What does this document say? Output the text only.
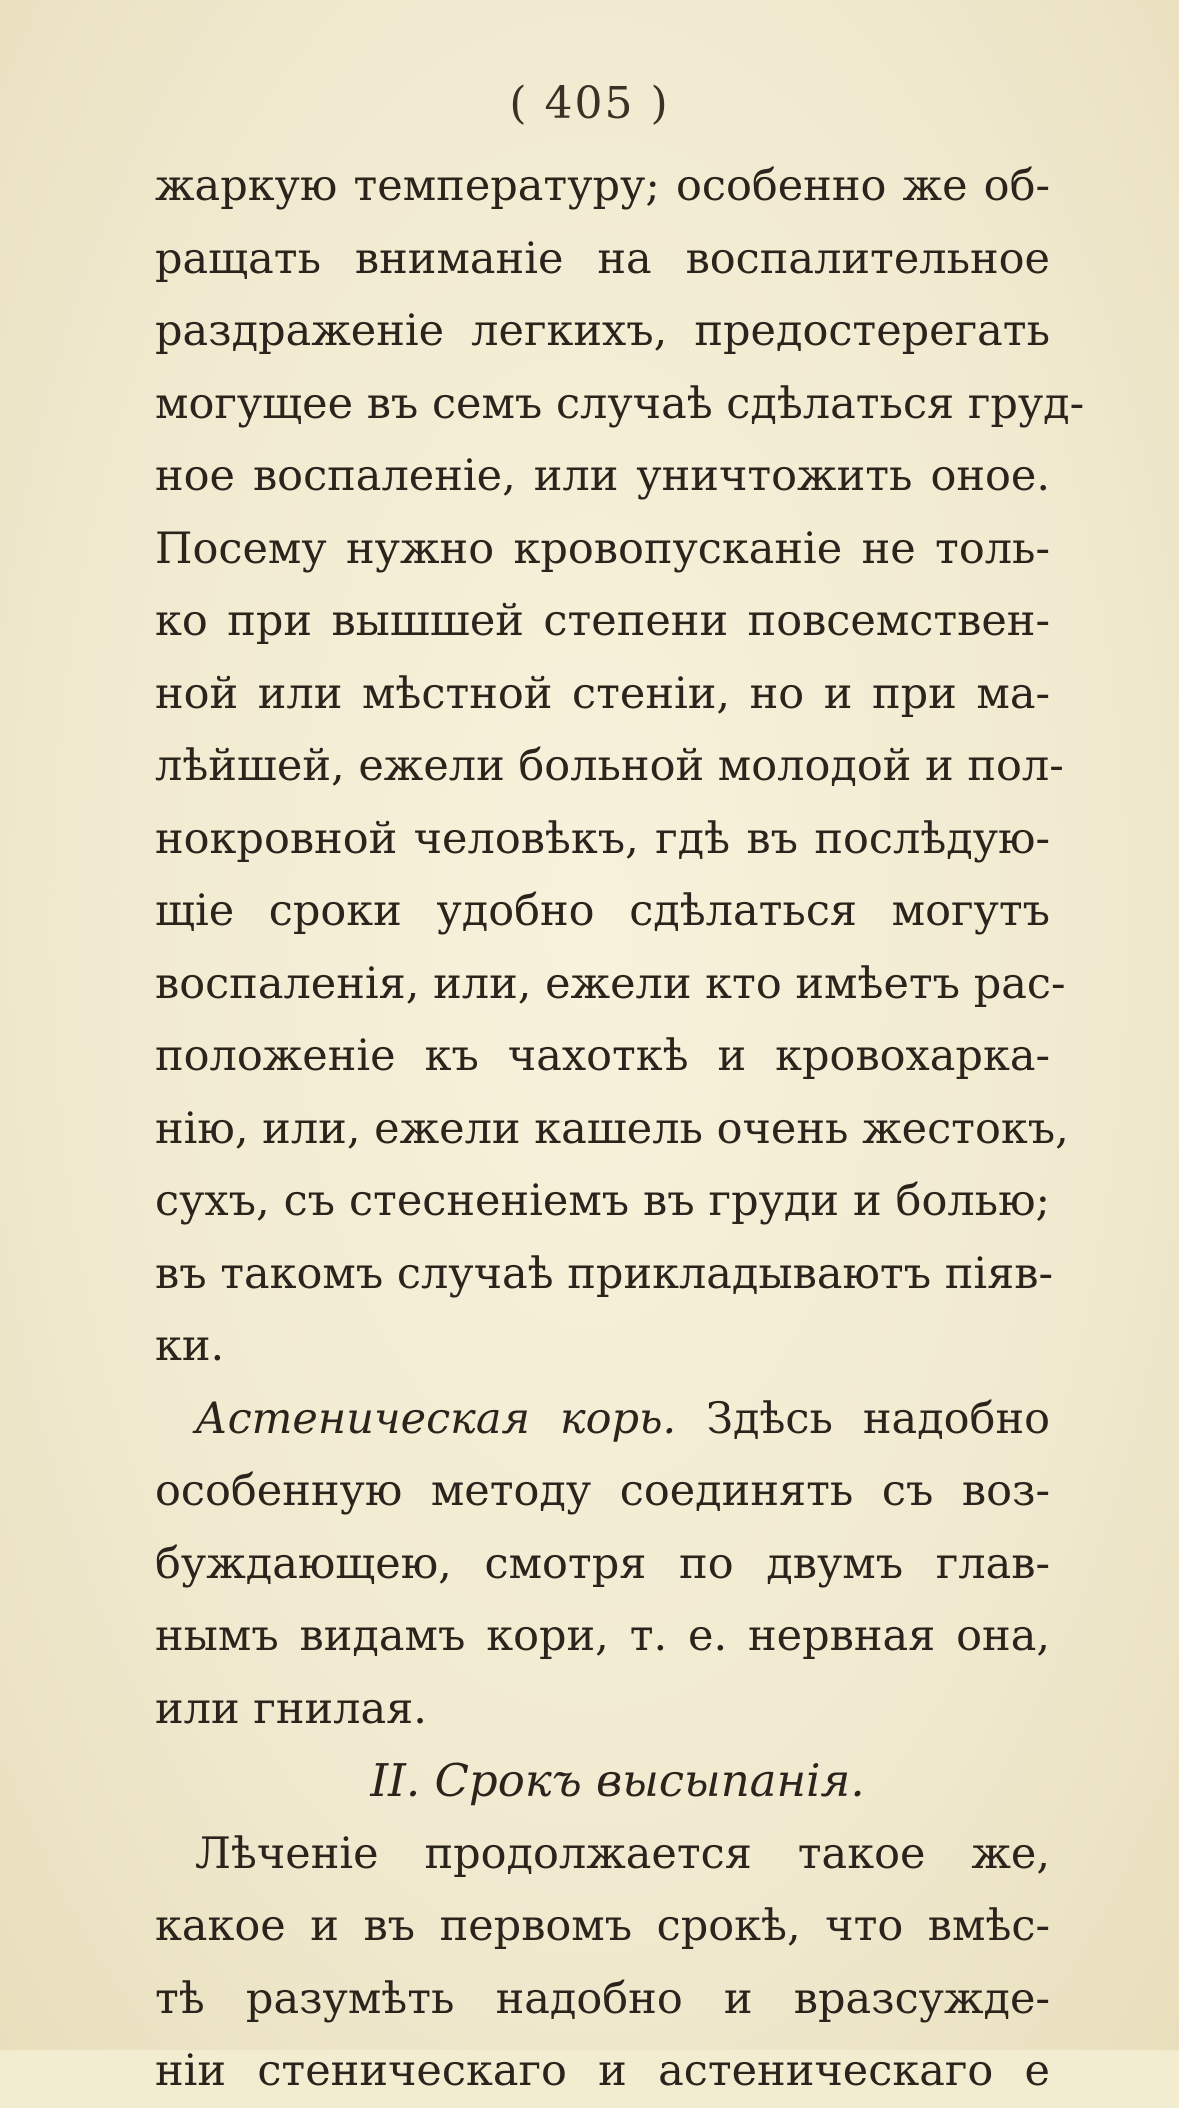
( 405 )
жаркую температуру; особенно же об-
ращать вниманіе на воспалительное
раздраженіе легкихъ, предостерегать
могущее въ семъ случаѣ сдѣлаться груд-
ное воспаленіе, или уничтожить оное.
Посему нужно кровопусканіе не толь-
ко при вышшей степени повсемствен-
ной или мѣстной стеніи, но и при ма-
лѣйшей, ежели больной молодой и пол-
нокровной человѣкъ, гдѣ въ послѣдую-
щіе сроки удобно сдѣлаться могутъ
воспаленія, или, ежели кто имѣетъ рас-
положеніе къ чахоткѣ и кровохарка-
нію, или, ежели кашель очень жестокъ,
сухъ, съ стесненіемъ въ груди и болью;
въ такомъ случаѣ прикладываютъ піяв-
ки.
Астеническая корь. Здѣсь надобно
особенную методу соединять съ воз-
буждающею, смотря по двумъ глав-
нымъ видамъ кори, т. е. нервная она,
или гнилая.
II. Срокъ высыпанія.
Лѣченіе продолжается такое же,
какое и въ первомъ срокѣ, что вмѣс-
тѣ разумѣть надобно и вразсужде-
ніи стеническаго и астеническаго е
